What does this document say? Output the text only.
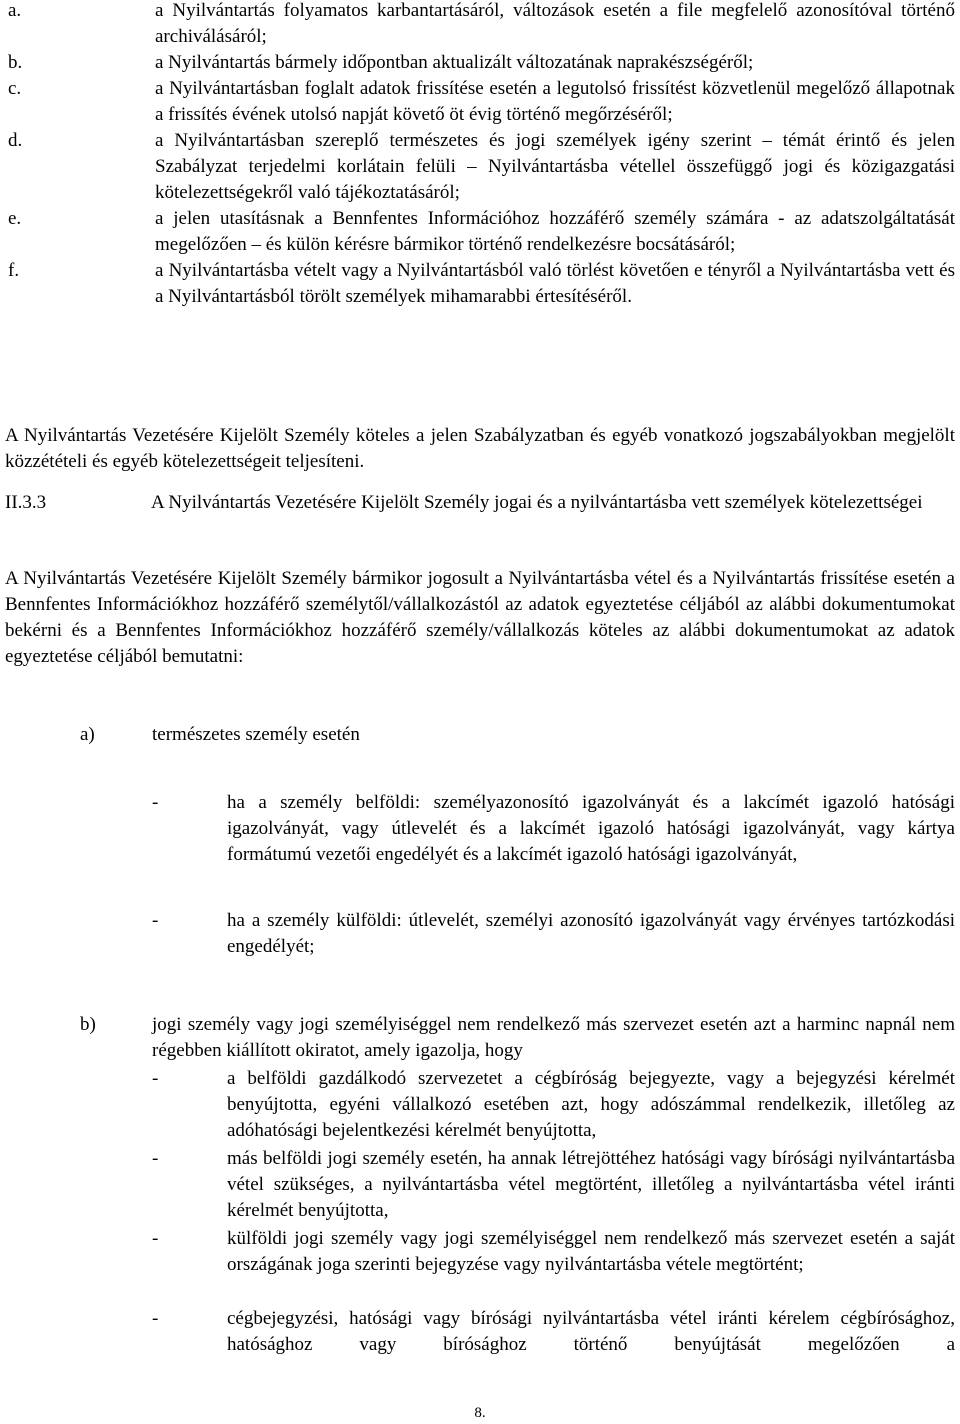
a.	a Nyilvántartás folyamatos karbantartásáról, változások esetén a file megfelelő azonosítóval történő archiválásáról;
b.	a Nyilvántartás bármely időpontban aktualizált változatának naprakészségéről;
c.	a Nyilvántartásban foglalt adatok frissítése esetén a legutolsó frissítést közvetlenül megelőző állapotnak a frissítés évének utolsó napját követő öt évig történő megőrzéséről;
d.	a Nyilvántartásban szereplő természetes és jogi személyek igény szerint – témát érintő és jelen Szabályzat terjedelmi korlátain felüli – Nyilvántartásba vétellel összefüggő jogi és közigazgatási kötelezettségekről való tájékoztatásáról;
e.	a jelen utasításnak a Bennfentes Információhoz hozzáférő személy számára - az adatszolgáltatását megelőzően – és külön kérésre bármikor történő rendelkezésre bocsátásáról;
f.	a Nyilvántartásba vételt vagy a Nyilvántartásból való törlést követően e tényről a Nyilvántartásba vett és a Nyilvántartásból törölt személyek mihamarabbi értesítéséről.
A Nyilvántartás Vezetésére Kijelölt Személy köteles a jelen Szabályzatban és egyéb vonatkozó jogszabályokban megjelölt közzétételi és egyéb kötelezettségeit teljesíteni.
II.3.3	A Nyilvántartás Vezetésére Kijelölt Személy jogai és a nyilvántartásba vett személyek kötelezettségei
A Nyilvántartás Vezetésére Kijelölt Személy bármikor jogosult a Nyilvántartásba vétel és a Nyilvántartás frissítése esetén a Bennfentes Információkhoz hozzáférő személytől/vállalkozástól az adatok egyeztetése céljából az alábbi dokumentumokat bekérni és a Bennfentes Információkhoz hozzáférő személy/vállalkozás köteles az alábbi dokumentumokat az adatok egyeztetése céljából bemutatni:
a)	természetes személy esetén
-	ha a személy belföldi: személyazonosító igazolványát és a lakcímét igazoló hatósági igazolványát, vagy útlevelét és a lakcímét igazoló hatósági igazolványát, vagy kártya formátumú vezetői engedélyét és a lakcímét igazoló hatósági igazolványát,
-	ha a személy külföldi: útlevelét, személyi azonosító igazolványát vagy érvényes tartózkodási engedélyét;
b)	jogi személy vagy jogi személyiséggel nem rendelkező más szervezet esetén azt a harminc napnál nem régebben kiállított okiratot, amely igazolja, hogy
-	a belföldi gazdálkodó szervezetet a cégbíróság bejegyezte, vagy a bejegyzési kérelmét benyújtotta, egyéni vállalkozó esetében azt, hogy adószámmal rendelkezik, illetőleg az adóhatósági bejelentkezési kérelmét benyújtotta,
-	más belföldi jogi személy esetén, ha annak létrejöttéhez hatósági vagy bírósági nyilvántartásba vétel szükséges, a nyilvántartásba vétel megtörtént, illetőleg a nyilvántartásba vétel iránti kérelmét benyújtotta,
-	külföldi jogi személy vagy jogi személyiséggel nem rendelkező más szervezet esetén a saját országának joga szerinti bejegyzése vagy nyilvántartásba vétele megtörtént;
-	cégbejegyzési, hatósági vagy bírósági nyilvántartásba vétel iránti kérelem cégbírósághoz, hatósághoz vagy bírósághoz történő benyújtását megelőzően a
8.
